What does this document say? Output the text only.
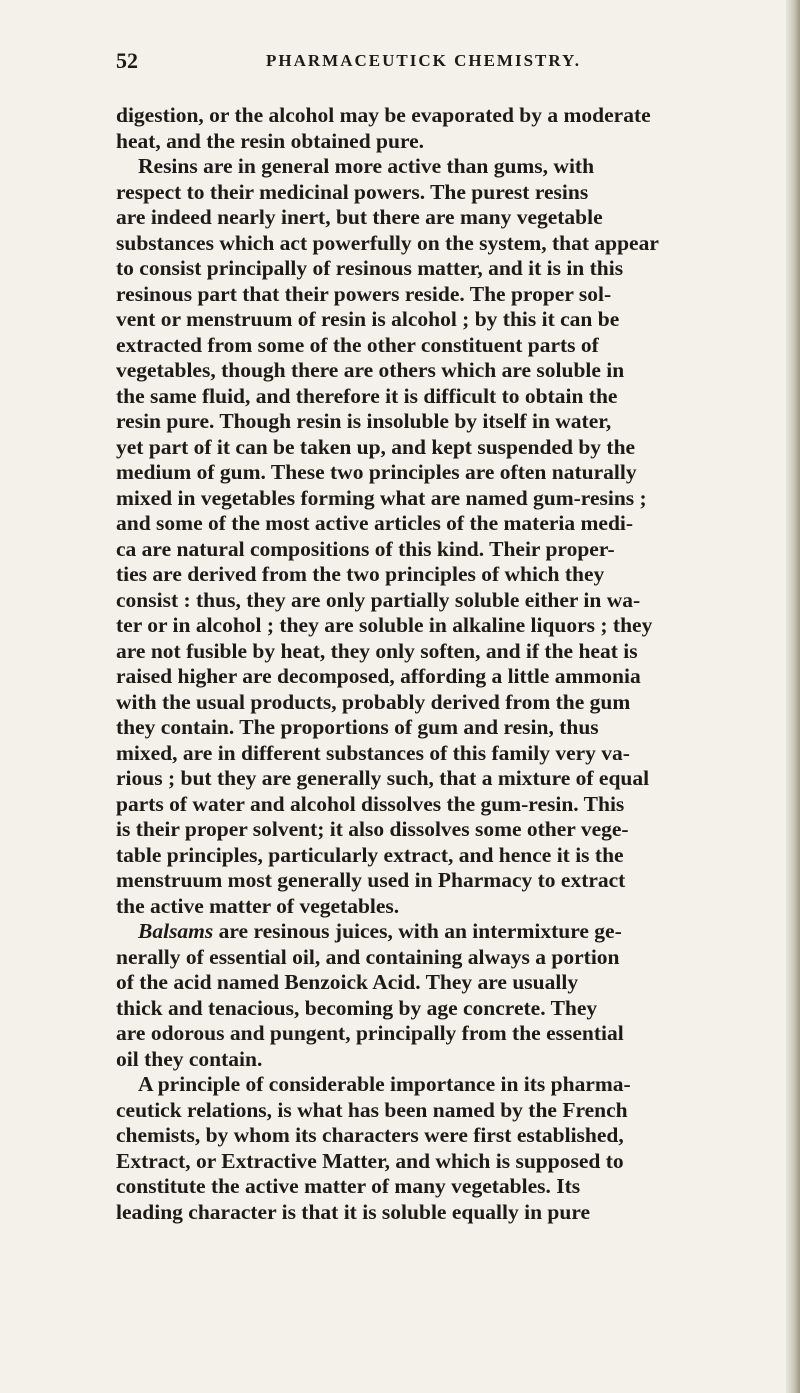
52	PHARMACEUTICK CHEMISTRY.
digestion, or the alcohol may be evaporated by a moderate
heat, and the resin obtained pure.
Resins are in general more active than gums, with
respect to their medicinal powers. The purest resins
are indeed nearly inert, but there are many vegetable
substances which act powerfully on the system, that appear
to consist principally of resinous matter, and it is in this
resinous part that their powers reside. The proper sol-
vent or menstruum of resin is alcohol ; by this it can be
extracted from some of the other constituent parts of
vegetables, though there are others which are soluble in
the same fluid, and therefore it is difficult to obtain the
resin pure. Though resin is insoluble by itself in water,
yet part of it can be taken up, and kept suspended by the
medium of gum. These two principles are often naturally
mixed in vegetables forming what are named gum-resins ;
and some of the most active articles of the materia medi-
ca are natural compositions of this kind. Their proper-
ties are derived from the two principles of which they
consist : thus, they are only partially soluble either in wa-
ter or in alcohol ; they are soluble in alkaline liquors ; they
are not fusible by heat, they only soften, and if the heat is
raised higher are decomposed, affording a little ammonia
with the usual products, probably derived from the gum
they contain. The proportions of gum and resin, thus
mixed, are in different substances of this family very va-
rious ; but they are generally such, that a mixture of equal
parts of water and alcohol dissolves the gum-resin. This
is their proper solvent; it also dissolves some other vege-
table principles, particularly extract, and hence it is the
menstruum most generally used in Pharmacy to extract
the active matter of vegetables.
Balsams are resinous juices, with an intermixture ge-
nerally of essential oil, and containing always a portion
of the acid named Benzoick Acid. They are usually
thick and tenacious, becoming by age concrete. They
are odorous and pungent, principally from the essential
oil they contain.
A principle of considerable importance in its pharma-
ceutick relations, is what has been named by the French
chemists, by whom its characters were first established,
Extract, or Extractive Matter, and which is supposed to
constitute the active matter of many vegetables. Its
leading character is that it is soluble equally in pure
